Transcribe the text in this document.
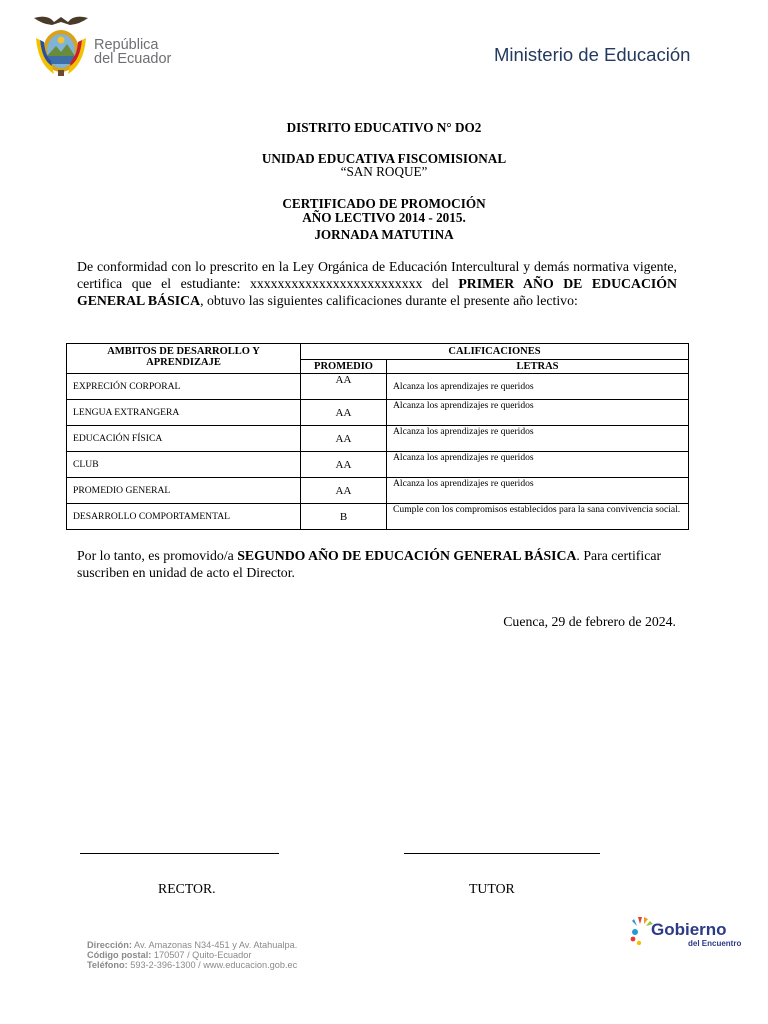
República
del Ecuador	Ministerio de Educación
DISTRITO EDUCATIVO N° DO2
UNIDAD EDUCATIVA FISCOMISIONAL
“SAN ROQUE”
CERTIFICADO DE PROMOCIÓN
AÑO LECTIVO 2014 - 2015.
JORNADA MATUTINA
De conformidad con lo prescrito en la Ley Orgánica de Educación Intercultural y demás normativa vigente, certifica que el estudiante: xxxxxxxxxxxxxxxxxxxxxxxxx del PRIMER AÑO DE EDUCACIÓN GENERAL BÁSICA, obtuvo las siguientes calificaciones durante el presente año lectivo:
AMBITOS DE DESARROLLO Y APRENDIZAJE	CALIFICACIONES	
	PROMEDIO	LETRAS
EXPRECIÓN CORPORAL	AA	Alcanza los aprendizajes re queridos
LENGUA EXTRANGERA	AA	Alcanza los aprendizajes re queridos
EDUCACIÓN FÍSICA	AA	Alcanza los aprendizajes re queridos
CLUB	AA	Alcanza los aprendizajes re queridos
PROMEDIO GENERAL	AA	Alcanza los aprendizajes re queridos
DESARROLLO COMPORTAMENTAL	B	Cumple con los compromisos establecidos para la sana convivencia social.
Por lo tanto, es promovido/a SEGUNDO AÑO DE EDUCACIÓN GENERAL BÁSICA. Para certificar suscriben en unidad de acto el Director.
Cuenca, 29 de febrero de 2024.
RECTOR.	TUTOR
Dirección: Av. Amazonas N34-451 y Av. Atahualpa.
Código postal: 170507 / Quito-Ecuador
Teléfono: 593-2-396-1300 / www.educacion.gob.ec
Gobierno
del Encuentro
